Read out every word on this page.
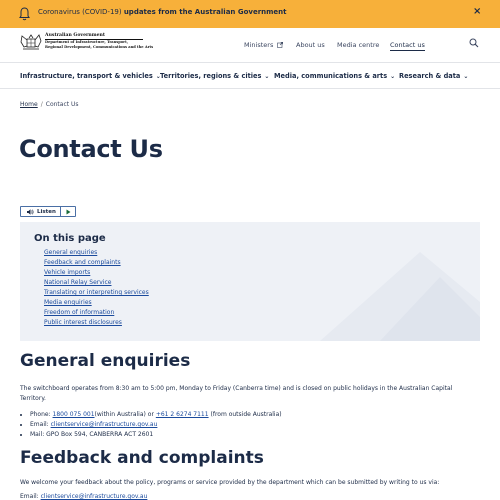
Coronavirus (COVID-19) updates from the Australian Government	×
Australian Government
Department of Infrastructure, Transport,
Regional Development, Communications and the Arts	Ministers	About us Media centre Contact us
Infrastructure, transport & vehicles ⌄ Territories, regions & cities ⌄ Media, communications & arts ⌄ Research & data ⌄
Home / Contact Us
Contact Us
Listen
On this page
General enquiries
Feedback and complaints
Vehicle imports
National Relay Service
Translating or interpreting services
Media enquiries
Freedom of information
Public interest disclosures
General enquiries

The switchboard operates from 8:30 am to 5:00 pm, Monday to Friday (Canberra time) and is closed on public holidays in the Australian Capital Territory.

• Phone: 1800 075 001(within Australia) or +61 2 6274 7111 (from outside Australia)
• Email: clientservice@infrastructure.gov.au
• Mail: GPO Box 594, CANBERRA ACT 2601
Feedback and complaints

We welcome your feedback about the policy, programs or service provided by the department which can be submitted by writing to us via:

Email: clientservice@infrastructure.gov.au
